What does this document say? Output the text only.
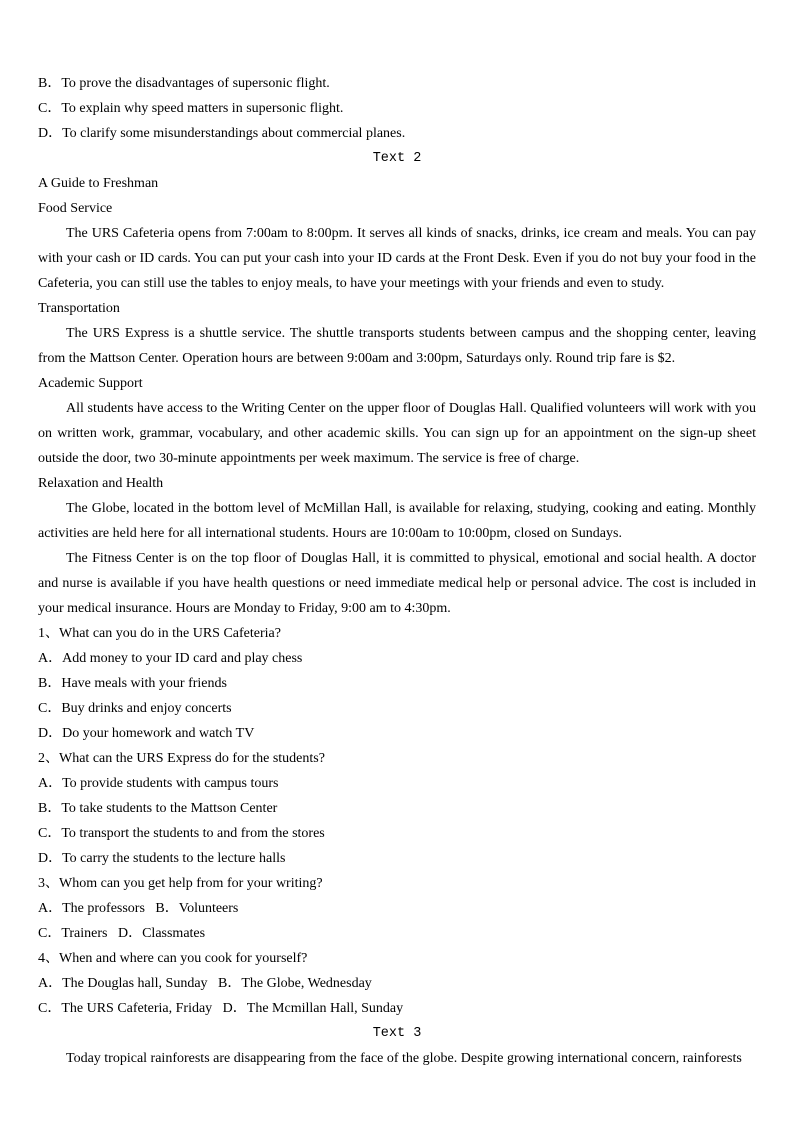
B．To prove the disadvantages of supersonic flight.
C．To explain why speed matters in supersonic flight.
D．To clarify some misunderstandings about commercial planes.
Text 2
A Guide to Freshman
Food Service
The URS Cafeteria opens from 7:00am to 8:00pm. It serves all kinds of snacks, drinks, ice cream and meals. You can pay with your cash or ID cards. You can put your cash into your ID cards at the Front Desk. Even if you do not buy your food in the Cafeteria, you can still use the tables to enjoy meals, to have your meetings with your friends and even to study.
Transportation
The URS Express is a shuttle service. The shuttle transports students between campus and the shopping center, leaving from the Mattson Center. Operation hours are between 9:00am and 3:00pm, Saturdays only. Round trip fare is $2.
Academic Support
All students have access to the Writing Center on the upper floor of Douglas Hall. Qualified volunteers will work with you on written work, grammar, vocabulary, and other academic skills. You can sign up for an appointment on the sign-up sheet outside the door, two 30-minute appointments per week maximum. The service is free of charge.
Relaxation and Health
The Globe, located in the bottom level of McMillan Hall, is available for relaxing, studying, cooking and eating. Monthly activities are held here for all international students. Hours are 10:00am to 10:00pm, closed on Sundays.
The Fitness Center is on the top floor of Douglas Hall, it is committed to physical, emotional and social health. A doctor and nurse is available if you have health questions or need immediate medical help or personal advice. The cost is included in your medical insurance. Hours are Monday to Friday, 9:00 am to 4:30pm.
1、What can you do in the URS Cafeteria?
A．Add money to your ID card and play chess
B．Have meals with your friends
C．Buy drinks and enjoy concerts
D．Do your homework and watch TV
2、What can the URS Express do for the students?
A．To provide students with campus tours
B．To take students to the Mattson Center
C．To transport the students to and from the stores
D．To carry the students to the lecture halls
3、Whom can you get help from for your writing?
A．The professors   B．Volunteers
C．Trainers   D．Classmates
4、When and where can you cook for yourself?
A．The Douglas hall, Sunday   B．The Globe, Wednesday
C．The URS Cafeteria, Friday   D．The Mcmillan Hall, Sunday
Text 3
Today tropical rainforests are disappearing from the face of the globe. Despite growing international concern, rainforests
